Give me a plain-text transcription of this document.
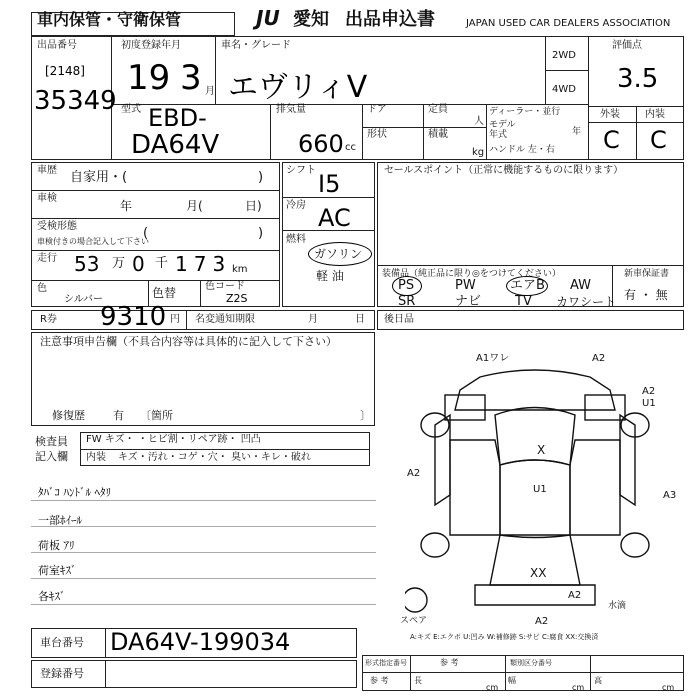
車内保管・守衛保管	JU 愛知 出品申込書	JAPAN USED CAR DEALERS ASSOCIATION
出品番号
[2148]
35349
初度登録年月
19 3 月
車名・グレード
エヴリィV
2WD
4WD
評価点
3.5
型式 EBD-
DA64V
排気量
660 cc
ドア	定員
人
形状	積載
kg
ディーラー・並行
モデル
年式	年
ハンドル 左・右
外装	内装
C C
車歴 自家用・(	)
車検
年	月(	日)
受検形態
車検付きの場合記入して下さい
(	)
走行 53 万 0 千 173 km
色
シルバー	色替	色コード
Z2S
シフト I5
冷房 AC
燃料
ガソリン
軽 油
セールスポイント（正常に機能するものに限ります）
装備品（純正品に限り◎をつけてください）	新車保証書
有 ・ 無
PS	PW	エアB AW
SR	ナビ	TV カワシート
R券 9310 円 名変通知期限	月	日 後日品
注意事項申告欄（不具合内容等は具体的に記入して下さい）
修復歴	有 〔箇所	〕
検査員
記入欄
FW キズ・ ・ヒビ割・リペア跡・ 凹凸
内装 キズ・汚れ・コゲ・穴・ 臭い・キレ・破れ
ﾀﾊﾞｺ ﾊﾝﾄﾞﾙ ﾍﾀﾘ
一部ﾎｲｰﾙ
荷板 ｱﾘ
荷室ｷｽﾞ
各ｷｽﾞ
A1ワレ	A2
A2
U1
A2
X
U1
A3
XX
A2
水滴
A2
スペア
A:キズ E:エクボ U:凹み W:補修跡 S:サビ C:腐食 XX:交換済
車台番号 DA64V-199034
登録番号
形式指定番号	類別区分番号
参 考
参 考	長	幅	高
cm	cm	cm
